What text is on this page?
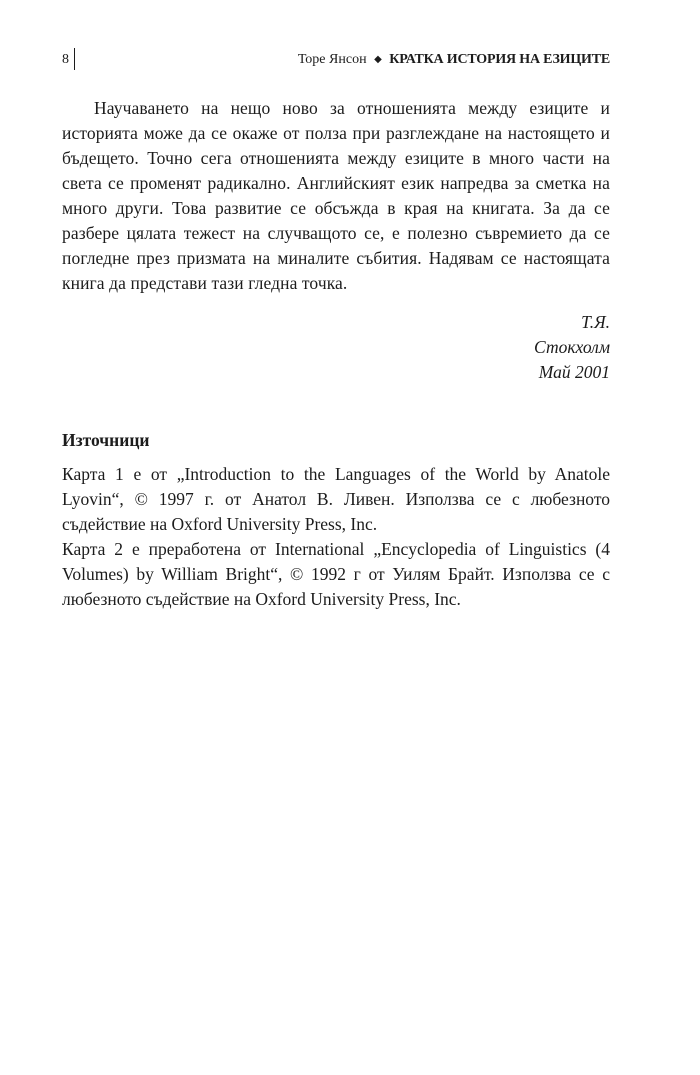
8	Торе Янсон ◆ КРАТКА ИСТОРИЯ НА ЕЗИЦИТЕ

Научаването на нещо ново за отношенията между езиците и историята може да се окаже от полза при разглеждане на настоящето и бъдещето. Точно сега отношенията между езиците в много части на света се променят радикално. Английският език напредва за сметка на много други. Това развитие се обсъжда в края на книгата. За да се разбере цялата тежест на случващото се, е полезно съвремието да се погледне през призмата на миналите събития. Надявам се настоящата книга да представи тази гледна точка.

Т.Я.
Стокхолм
Май 2001
Източници

Карта 1 е от „Introduction to the Languages of the World by Anatole Lyovin“, © 1997 г. от Анатол В. Ливен. Използва се с любезното съдействие на Oxford University Press, Inc.

Карта 2 е преработена от International „Encyclopedia of Linguistics (4 Volumes) by William Bright“, © 1992 г от Уилям Брайт. Използва се с любезното съдействие на Oxford University Press, Inc.
